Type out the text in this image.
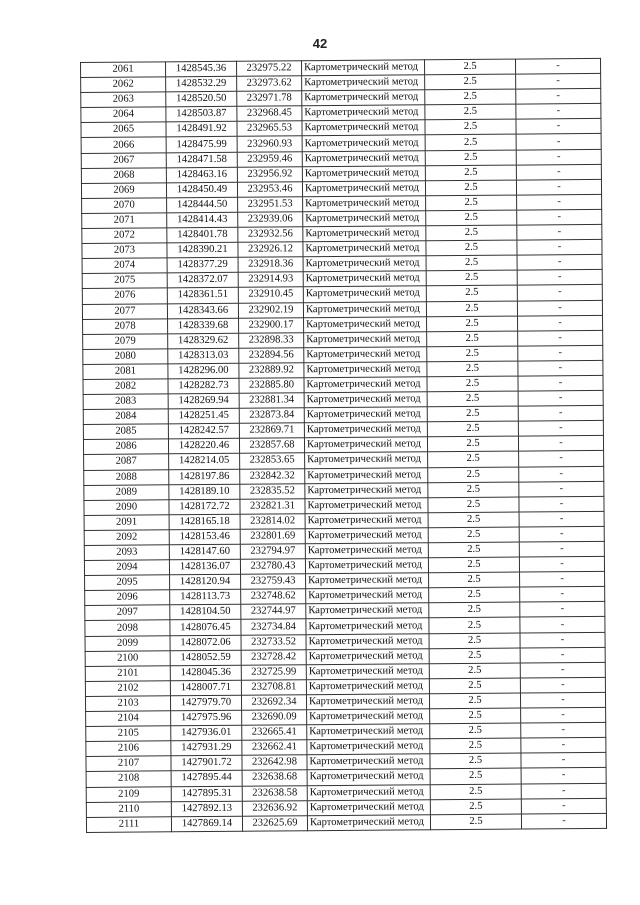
42
2061	1428545.36	232975.22	Картометрический метод	2.5	-
2062	1428532.29	232973.62	Картометрический метод	2.5	-
2063	1428520.50	232971.78	Картометрический метод	2.5	-
2064	1428503.87	232968.45	Картометрический метод	2.5	-
2065	1428491.92	232965.53	Картометрический метод	2.5	-
2066	1428475.99	232960.93	Картометрический метод	2.5	-
2067	1428471.58	232959.46	Картометрический метод	2.5	-
2068	1428463.16	232956.92	Картометрический метод	2.5	-
2069	1428450.49	232953.46	Картометрический метод	2.5	-
2070	1428444.50	232951.53	Картометрический метод	2.5	-
2071	1428414.43	232939.06	Картометрический метод	2.5	-
2072	1428401.78	232932.56	Картометрический метод	2.5	-
2073	1428390.21	232926.12	Картометрический метод	2.5	-
2074	1428377.29	232918.36	Картометрический метод	2.5	-
2075	1428372.07	232914.93	Картометрический метод	2.5	-
2076	1428361.51	232910.45	Картометрический метод	2.5	-
2077	1428343.66	232902.19	Картометрический метод	2.5	-
2078	1428339.68	232900.17	Картометрический метод	2.5	-
2079	1428329.62	232898.33	Картометрический метод	2.5	-
2080	1428313.03	232894.56	Картометрический метод	2.5	-
2081	1428296.00	232889.92	Картометрический метод	2.5	-
2082	1428282.73	232885.80	Картометрический метод	2.5	-
2083	1428269.94	232881.34	Картометрический метод	2.5	-
2084	1428251.45	232873.84	Картометрический метод	2.5	-
2085	1428242.57	232869.71	Картометрический метод	2.5	-
2086	1428220.46	232857.68	Картометрический метод	2.5	-
2087	1428214.05	232853.65	Картометрический метод	2.5	-
2088	1428197.86	232842.32	Картометрический метод	2.5	-
2089	1428189.10	232835.52	Картометрический метод	2.5	-
2090	1428172.72	232821.31	Картометрический метод	2.5	-
2091	1428165.18	232814.02	Картометрический метод	2.5	-
2092	1428153.46	232801.69	Картометрический метод	2.5	-
2093	1428147.60	232794.97	Картометрический метод	2.5	-
2094	1428136.07	232780.43	Картометрический метод	2.5	-
2095	1428120.94	232759.43	Картометрический метод	2.5	-
2096	1428113.73	232748.62	Картометрический метод	2.5	-
2097	1428104.50	232744.97	Картометрический метод	2.5	-
2098	1428076.45	232734.84	Картометрический метод	2.5	-
2099	1428072.06	232733.52	Картометрический метод	2.5	-
2100	1428052.59	232728.42	Картометрический метод	2.5	-
2101	1428045.36	232725.99	Картометрический метод	2.5	-
2102	1428007.71	232708.81	Картометрический метод	2.5	-
2103	1427979.70	232692.34	Картометрический метод	2.5	-
2104	1427975.96	232690.09	Картометрический метод	2.5	-
2105	1427936.01	232665.41	Картометрический метод	2.5	-
2106	1427931.29	232662.41	Картометрический метод	2.5	-
2107	1427901.72	232642.98	Картометрический метод	2.5	-
2108	1427895.44	232638.68	Картометрический метод	2.5	-
2109	1427895.31	232638.58	Картометрический метод	2.5	-
2110	1427892.13	232636.92	Картометрический метод	2.5	-
2111	1427869.14	232625.69	Картометрический метод	2.5	-
